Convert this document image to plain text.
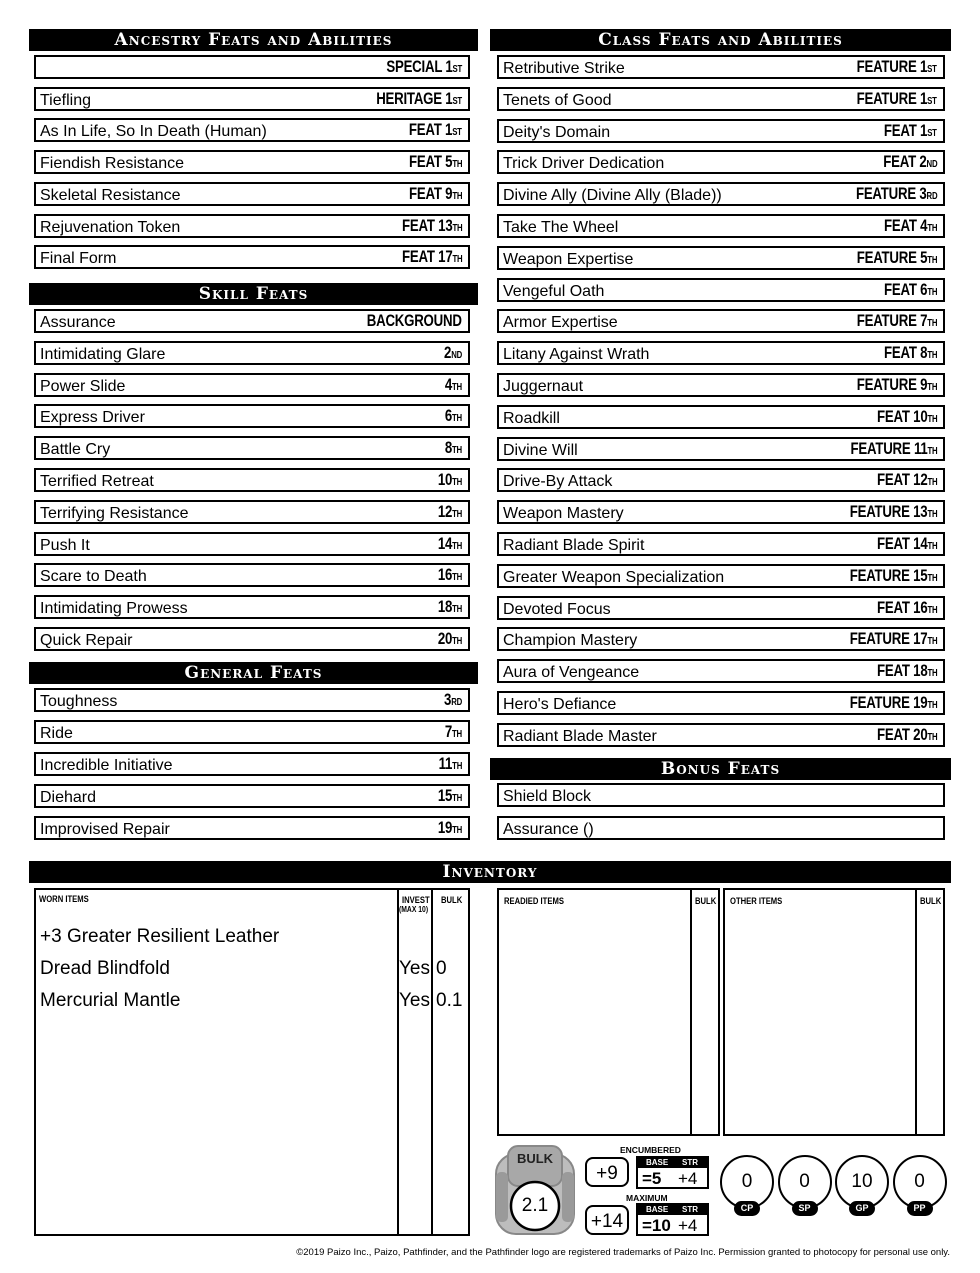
Ancestry Feats and Abilities
SPECIAL 1ST
Tiefling	HERITAGE 1ST
As In Life, So In Death (Human)	FEAT 1ST
Fiendish Resistance	FEAT 5TH
Skeletal Resistance	FEAT 9TH
Rejuvenation Token	FEAT 13TH
Final Form	FEAT 17TH
Skill Feats
Assurance	BACKGROUND
Intimidating Glare	2ND
Power Slide	4TH
Express Driver	6TH
Battle Cry	8TH
Terrified Retreat	10TH
Terrifying Resistance	12TH
Push It	14TH
Scare to Death	16TH
Intimidating Prowess	18TH
Quick Repair	20TH
General Feats
Toughness	3RD
Ride	7TH
Incredible Initiative	11TH
Diehard	15TH
Improvised Repair	19TH
Class Feats and Abilities
Retributive Strike	FEATURE 1ST
Tenets of Good	FEATURE 1ST
Deity's Domain	FEAT 1ST
Trick Driver Dedication	FEAT 2ND
Divine Ally (Divine Ally (Blade))	FEATURE 3RD
Take The Wheel	FEAT 4TH
Weapon Expertise	FEATURE 5TH
Vengeful Oath	FEAT 6TH
Armor Expertise	FEATURE 7TH
Litany Against Wrath	FEAT 8TH
Juggernaut	FEATURE 9TH
Roadkill	FEAT 10TH
Divine Will	FEATURE 11TH
Drive-By Attack	FEAT 12TH
Weapon Mastery	FEATURE 13TH
Radiant Blade Spirit	FEAT 14TH
Greater Weapon Specialization	FEATURE 15TH
Devoted Focus	FEAT 16TH
Champion Mastery	FEATURE 17TH
Aura of Vengeance	FEAT 18TH
Hero's Defiance	FEATURE 19TH
Radiant Blade Master	FEAT 20TH
Bonus Feats
Shield Block
Assurance ()
Inventory
WORN ITEMS	INVEST
(MAX 10)
BULK
+3 Greater Resilient Leather
Dread Blindfold	Yes 0
Mercurial Mantle	Yes 0.1
READIED ITEMS	BULK OTHER ITEMS	BULK
BULK
2.1
ENCUMBERED
+9
BASE STR
=5 +4
MAXIMUM
+14
BASE STR
=10 +4
0
CP
0
SP
10
GP
0
PP
©2019 Paizo Inc., Paizo, Pathfinder, and the Pathfinder logo are registered trademarks of Paizo Inc. Permission granted to photocopy for personal use only.
